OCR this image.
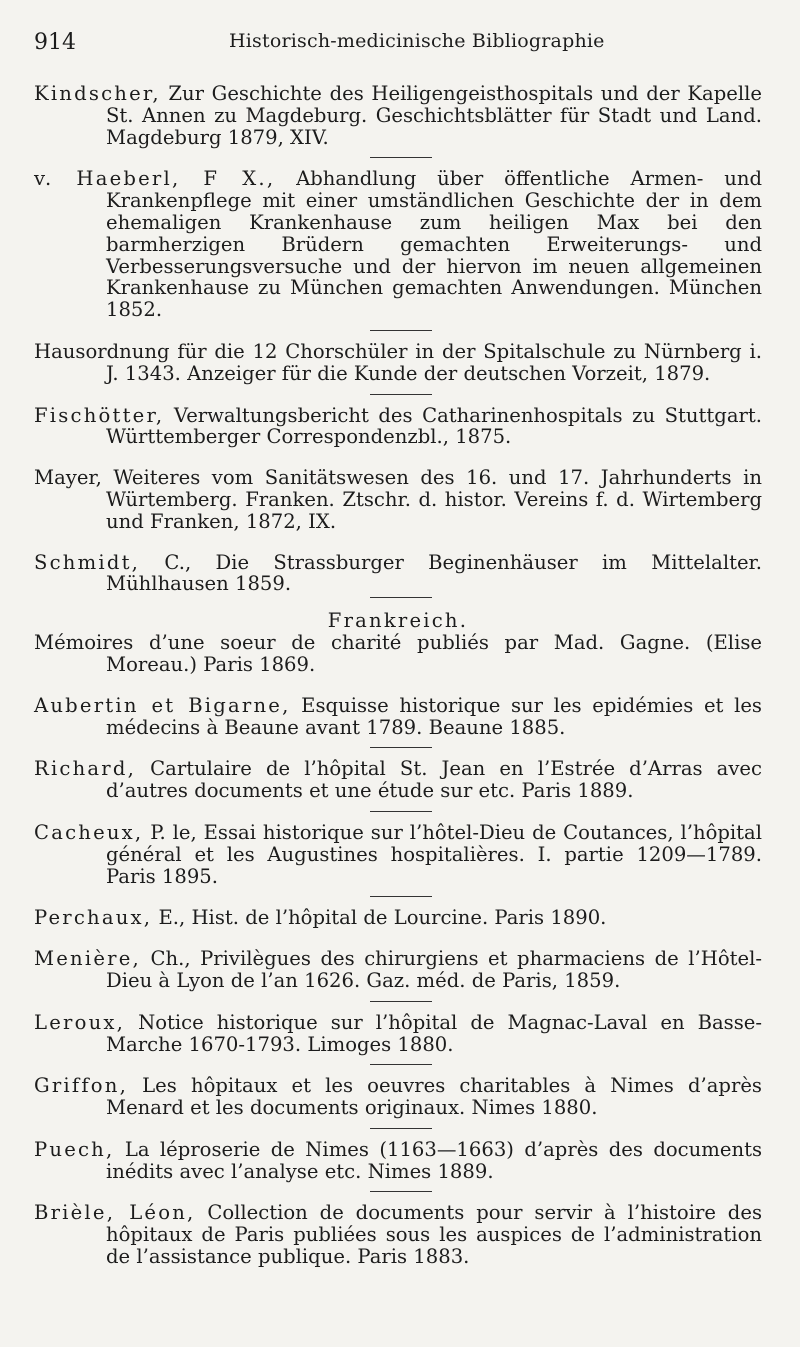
914	Historisch-medicinische Bibliographie

Kindscher, Zur Geschichte des Heiligengeisthospitals und der Kapelle St. Annen zu Magdeburg. Geschichtsblätter für Stadt und Land. Magdeburg 1879, XIV.

v. Haeberl, F X., Abhandlung über öffentliche Armen- und Krankenpflege mit einer umständlichen Geschichte der in dem ehemaligen Krankenhause zum heiligen Max bei den barmherzigen Brüdern gemachten Erweiterungs- und Verbesserungsversuche und der hiervon im neuen allgemeinen Krankenhause zu München gemachten Anwendungen. München 1852.

Hausordnung für die 12 Chorschüler in der Spitalschule zu Nürnberg i. J. 1343. Anzeiger für die Kunde der deutschen Vorzeit, 1879.

Fischötter, Verwaltungsbericht des Catharinenhospitals zu Stuttgart. Württemberger Correspondenzbl., 1875.

Mayer, Weiteres vom Sanitätswesen des 16. und 17. Jahrhunderts in Würtemberg. Franken. Ztschr. d. histor. Vereins f. d. Wirtemberg und Franken, 1872, IX.

Schmidt, C., Die Strassburger Beginenhäuser im Mittelalter. Mühlhausen 1859.

Frankreich.

Mémoires d’une soeur de charité publiés par Mad. Gagne. (Elise Moreau.) Paris 1869.

Aubertin et Bigarne, Esquisse historique sur les epidémies et les médecins à Beaune avant 1789. Beaune 1885.

Richard, Cartulaire de l’hôpital St. Jean en l’Estrée d’Arras avec d’autres documents et une étude sur etc. Paris 1889.

Cacheux, P. le, Essai historique sur l’hôtel-Dieu de Coutances, l’hôpital général et les Augustines hospitalières. I. partie 1209—1789. Paris 1895.

Perchaux, E., Hist. de l’hôpital de Lourcine. Paris 1890.

Menière, Ch., Privilègues des chirurgiens et pharmaciens de l’Hôtel-Dieu à Lyon de l’an 1626. Gaz. méd. de Paris, 1859.

Leroux, Notice historique sur l’hôpital de Magnac-Laval en Basse-Marche 1670-1793. Limoges 1880.

Griffon, Les hôpitaux et les oeuvres charitables à Nimes d’après Menard et les documents originaux. Nimes 1880.

Puech, La léproserie de Nimes (1163—1663) d’après des documents inédits avec l’analyse etc. Nimes 1889.

Brièle, Léon, Collection de documents pour servir à l’histoire des hôpitaux de Paris publiées sous les auspices de l’administration de l’assistance publique. Paris 1883.
